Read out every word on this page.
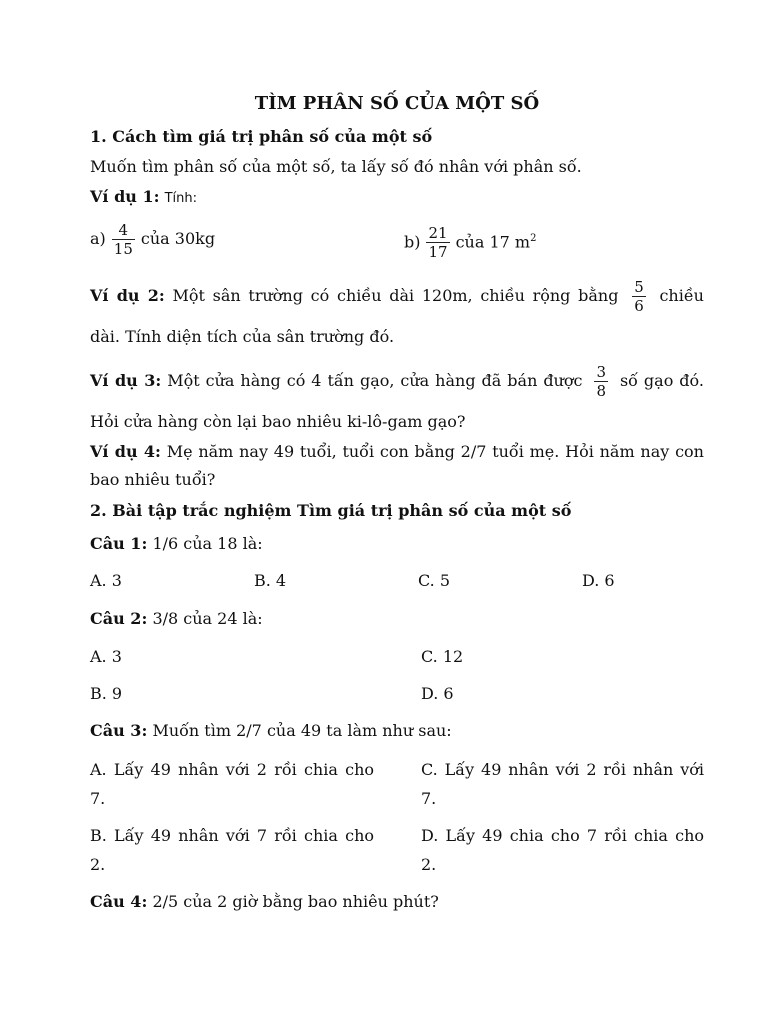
TÌM PHÂN SỐ CỦA MỘT SỐ
1. Cách tìm giá trị phân số của một số
Muốn tìm phân số của một số, ta lấy số đó nhân với phân số.
Ví dụ 1: Tính:
$a) \frac{4}{15}$ của 30kg	$b) \frac{21}{17}$ của 17 $m^2$
Ví dụ 2: Một sân trường có chiều dài 120m, chiều rộng bằng $\frac{5}{6}$ chiều
dài. Tính diện tích của sân trường đó.
Ví dụ 3: Một cửa hàng có 4 tấn gạo, cửa hàng đã bán được $\frac{3}{8}$ số gạo đó.
Hỏi cửa hàng còn lại bao nhiêu ki-lô-gam gạo?
Ví dụ 4: Mẹ năm nay 49 tuổi, tuổi con bằng 2/7 tuổi mẹ. Hỏi năm nay con
bao nhiêu tuổi?
2. Bài tập trắc nghiệm Tìm giá trị phân số của một số
Câu 1: 1/6 của 18 là:
A. 3	B. 4	C. 5	D. 6
Câu 2: 3/8 của 24 là:
A. 3	C. 12
B. 9	D. 6
Câu 3: Muốn tìm 2/7 của 49 ta làm như sau:
A. Lấy 49 nhân với 2 rồi chia cho
7.
C. Lấy 49 nhân với 2 rồi nhân với
7.
B. Lấy 49 nhân với 7 rồi chia cho
2.
D. Lấy 49 chia cho 7 rồi chia cho
2.
Câu 4: 2/5 của 2 giờ bằng bao nhiêu phút?
